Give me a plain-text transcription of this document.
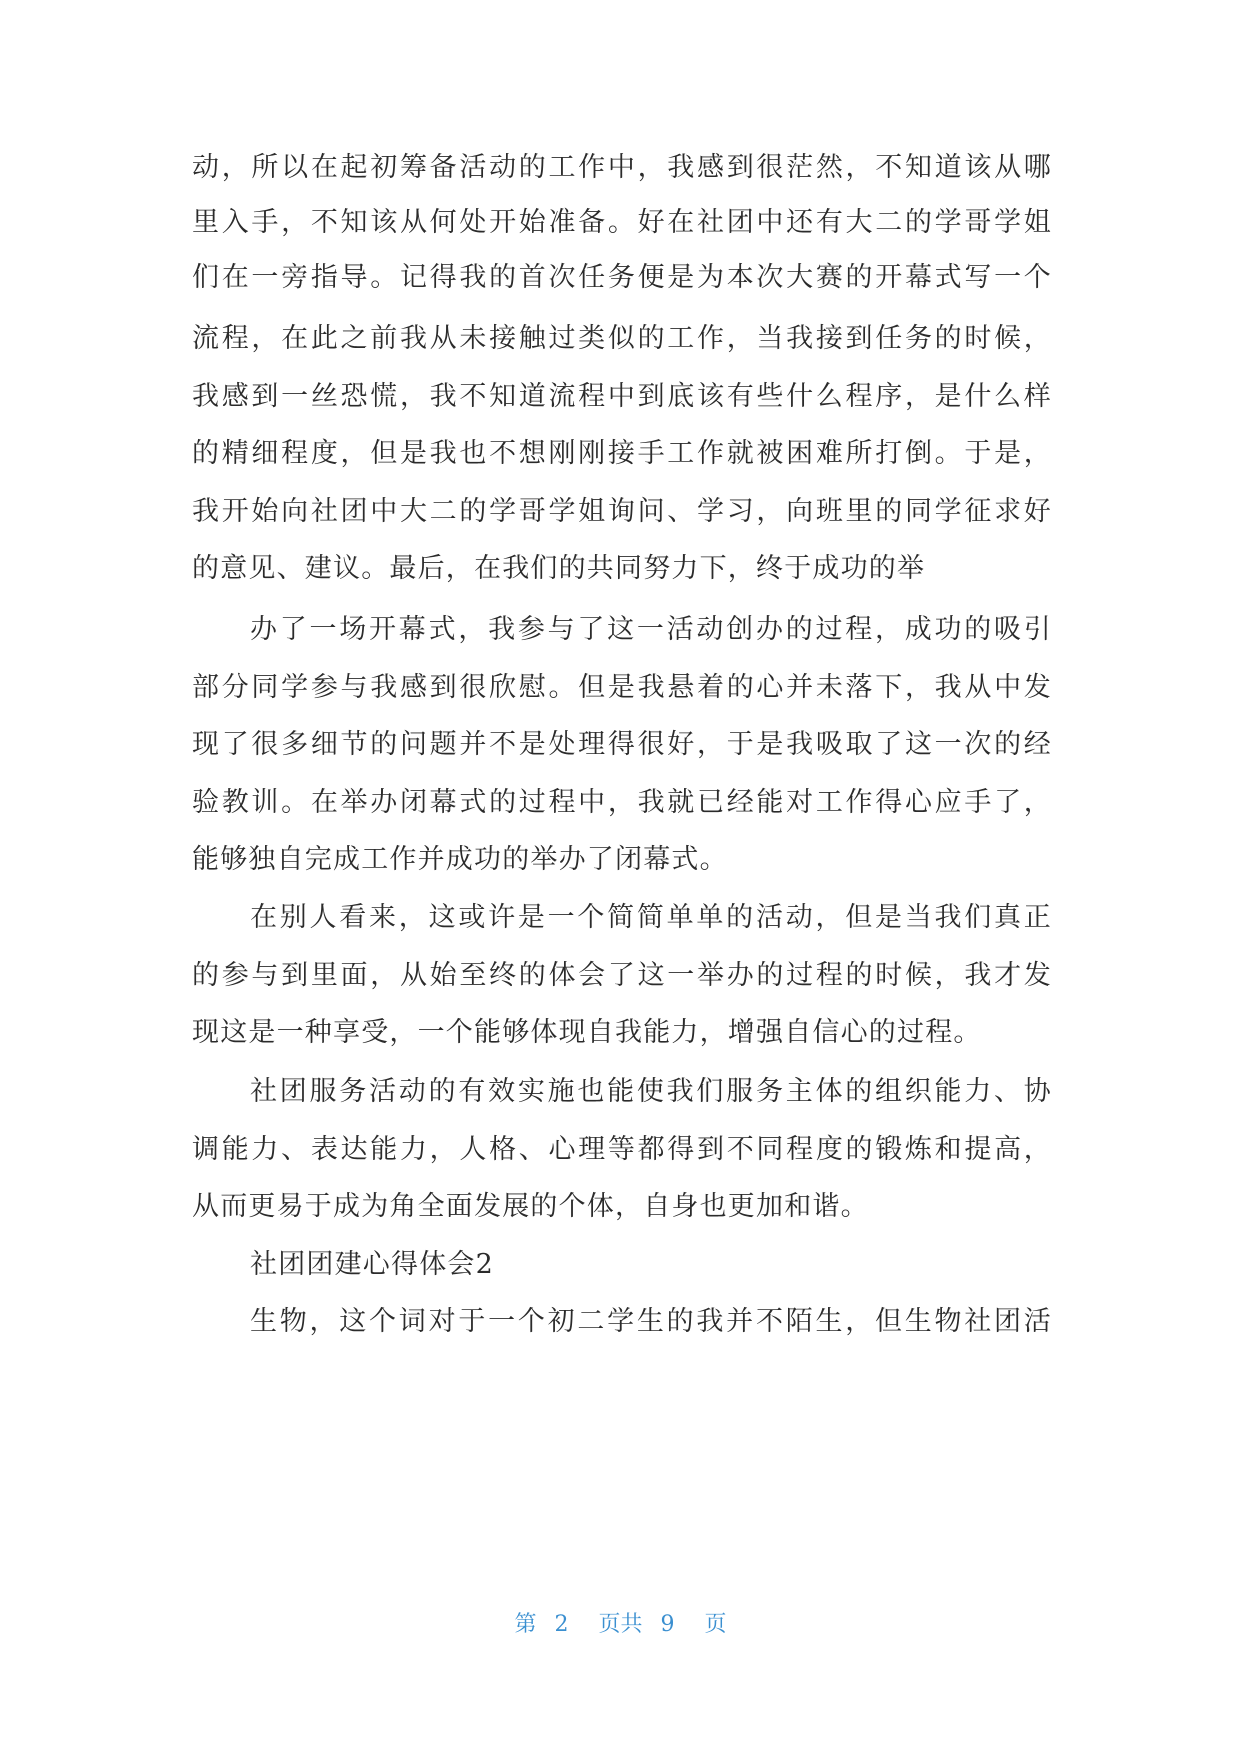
动，所以在起初筹备活动的工作中，我感到很茫然，不知道该从哪
里入手，不知该从何处开始准备。好在社团中还有大二的学哥学姐
们在一旁指导。记得我的首次任务便是为本次大赛的开幕式写一个
流程，在此之前我从未接触过类似的工作，当我接到任务的时候，
我感到一丝恐慌，我不知道流程中到底该有些什么程序，是什么样
的精细程度，但是我也不想刚刚接手工作就被困难所打倒。于是，
我开始向社团中大二的学哥学姐询问、学习，向班里的同学征求好
的意见、建议。最后，在我们的共同努力下，终于成功的举
办了一场开幕式，我参与了这一活动创办的过程，成功的吸引
部分同学参与我感到很欣慰。但是我悬着的心并未落下，我从中发
现了很多细节的问题并不是处理得很好，于是我吸取了这一次的经
验教训。在举办闭幕式的过程中，我就已经能对工作得心应手了，
能够独自完成工作并成功的举办了闭幕式。
在别人看来，这或许是一个简简单单的活动，但是当我们真正
的参与到里面，从始至终的体会了这一举办的过程的时候，我才发
现这是一种享受，一个能够体现自我能力，增强自信心的过程。
社团服务活动的有效实施也能使我们服务主体的组织能力、协
调能力、表达能力，人格、心理等都得到不同程度的锻炼和提高，
从而更易于成为角全面发展的个体，自身也更加和谐。
社团团建心得体会2
生物，这个词对于一个初二学生的我并不陌生，但生物社团活
第 2 页共 9 页
